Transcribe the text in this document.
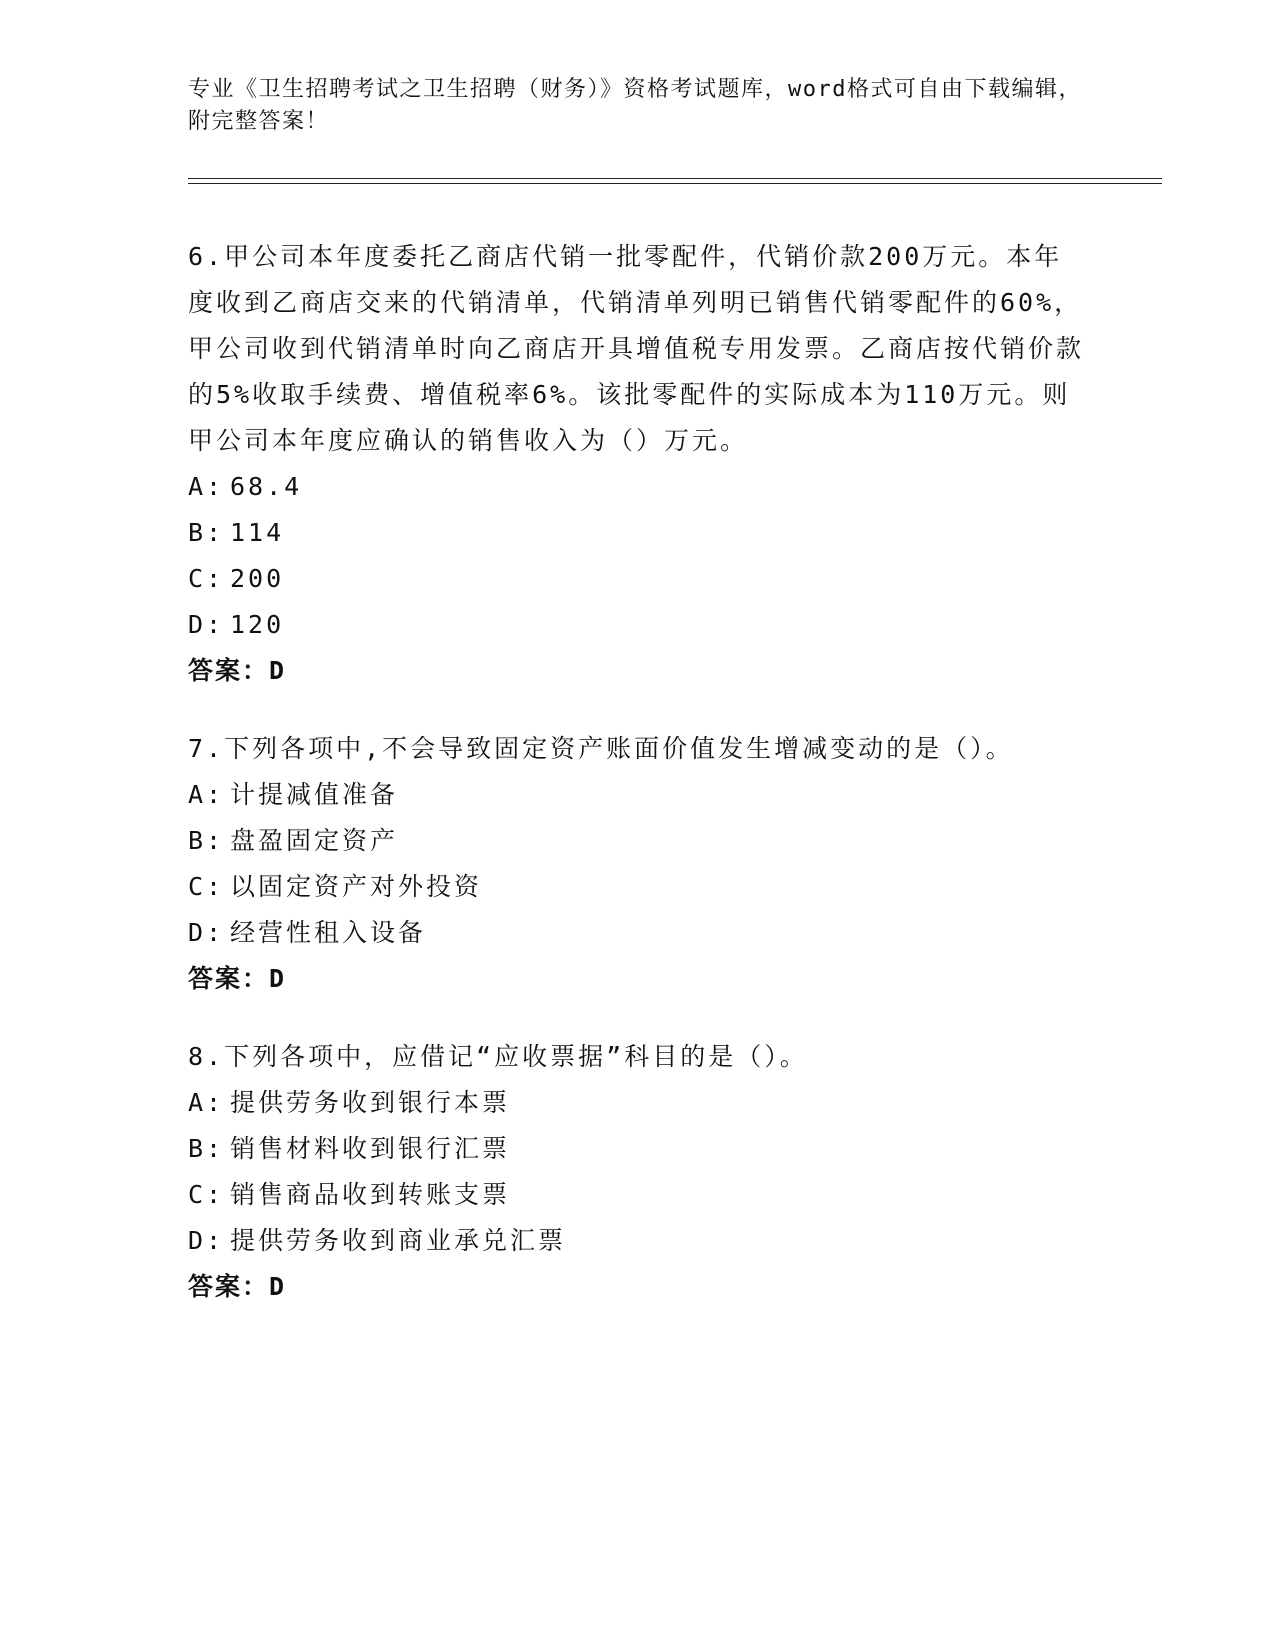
专业《卫生招聘考试之卫生招聘（财务）》资格考试题库，word格式可自由下载编辑，附完整答案！

6.甲公司本年度委托乙商店代销一批零配件，代销价款200万元。本年度收到乙商店交来的代销清单，代销清单列明已销售代销零配件的60%，甲公司收到代销清单时向乙商店开具增值税专用发票。乙商店按代销价款的5%收取手续费、增值税率6%。该批零配件的实际成本为110万元。则甲公司本年度应确认的销售收入为（）万元。

A: 68.4
B: 114
C: 200
D: 120
答案：D

7.下列各项中,不会导致固定资产账面价值发生增减变动的是（）。

A: 计提减值准备
B: 盘盈固定资产
C: 以固定资产对外投资
D: 经营性租入设备
答案：D

8.下列各项中，应借记“应收票据”科目的是（）。

A: 提供劳务收到银行本票
B: 销售材料收到银行汇票
C: 销售商品收到转账支票
D: 提供劳务收到商业承兑汇票
答案：D
